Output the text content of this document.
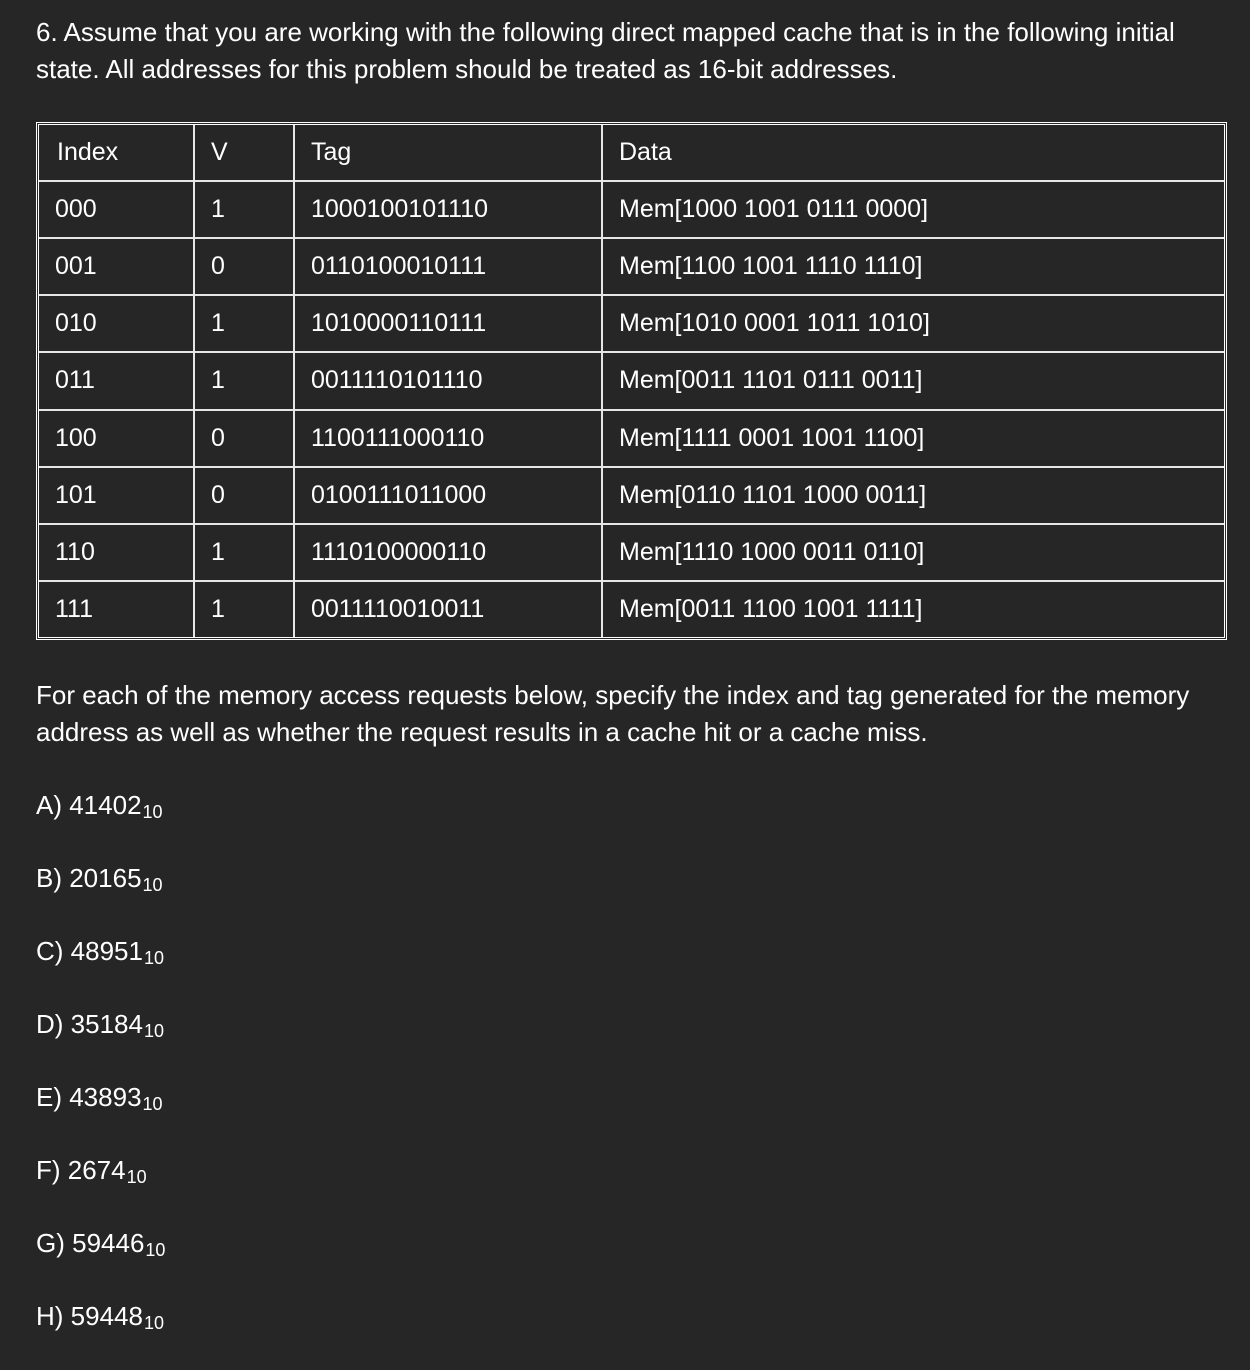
6. Assume that you are working with the following direct mapped cache that is in the following initial state. All addresses for this problem should be treated as 16-bit addresses.

Index	V	Tag	Data
000	1	1000100101110	Mem[1000 1001 0111 0000]
001	0	0110100010111	Mem[1100 1001 1110 1110]
010	1	1010000110111	Mem[1010 0001 1011 1010]
011	1	0011110101110	Mem[0011 1101 0111 0011]
100	0	1100111000110	Mem[1111 0001 1001 1100]
101	0	0100111011000	Mem[0110 1101 1000 0011]
110	1	1110100000110	Mem[1110 1000 0011 0110]
111	1	0011110010011	Mem[0011 1100 1001 1111]

For each of the memory access requests below, specify the index and tag generated for the memory address as well as whether the request results in a cache hit or a cache miss.

A) 4140210
B) 2016510
C) 4895110
D) 3518410
E) 4389310
F) 267410
G) 5944610
H) 5944810
